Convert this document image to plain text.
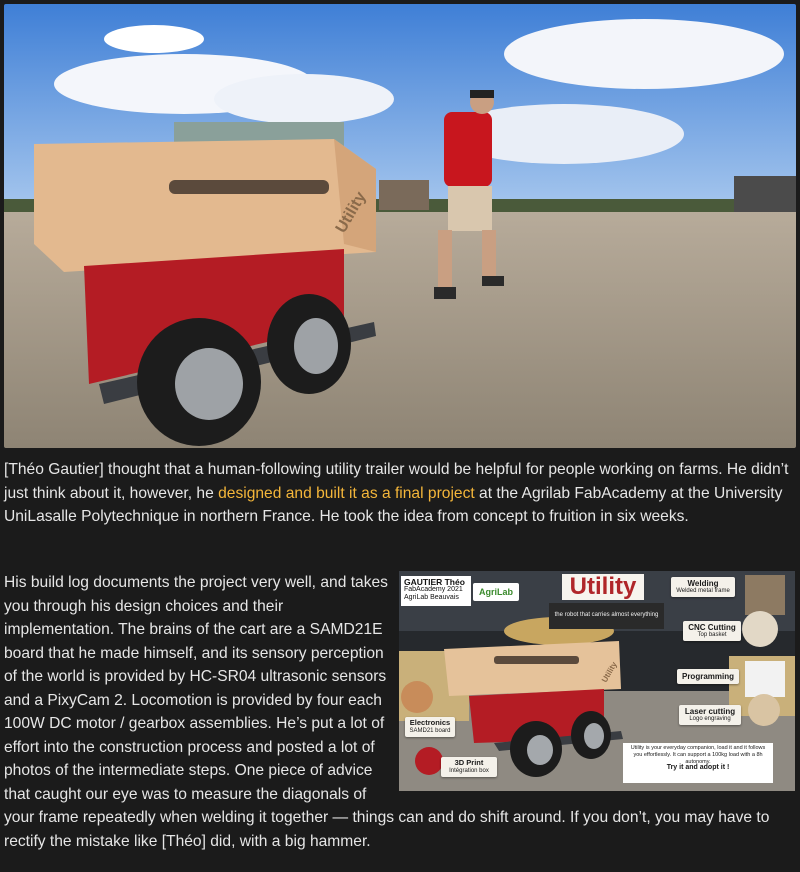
Utility

[Théo Gautier] thought that a human-following utility trailer would be helpful for people working on farms. He didn’t just think about it, however, he designed and built it as a final project at the Agrilab FabAcademy at the University UniLasalle Polytechnique in northern France. He took the idea from concept to fruition in six weeks.

Utility
GAUTIER Théo
FabAcademy 2021
AgriLab Beauvais
AgriLab	Utility
the robot that carries almost everything
Welding
Welded metal frame
CNC Cutting
Top basket
Programming
Laser cutting
Logo engraving
Electronics
SAMD21 board
3D Print
Intégration box
Utility is your everyday companion, load it and it follows you effortlessly. It can support a 100kg load with a 8h autonomy.
Try it and adopt it !
His build log documents the project very well, and takes you through his design choices and their implementation. The brains of the cart are a SAMD21E board that he made himself, and its sensory perception of the world is provided by HC-SR04 ultrasonic sensors and a PixyCam 2. Locomotion is provided by four each 100W DC motor / gearbox assemblies. He’s put a lot of effort into the construction process and posted a lot of photos of the intermediate steps. One piece of advice that caught our eye was to measure the diagonals of your frame repeatedly when welding it together — things can and do shift around. If you don’t, you may have to rectify the mistake like [Théo] did, with a big hammer.
